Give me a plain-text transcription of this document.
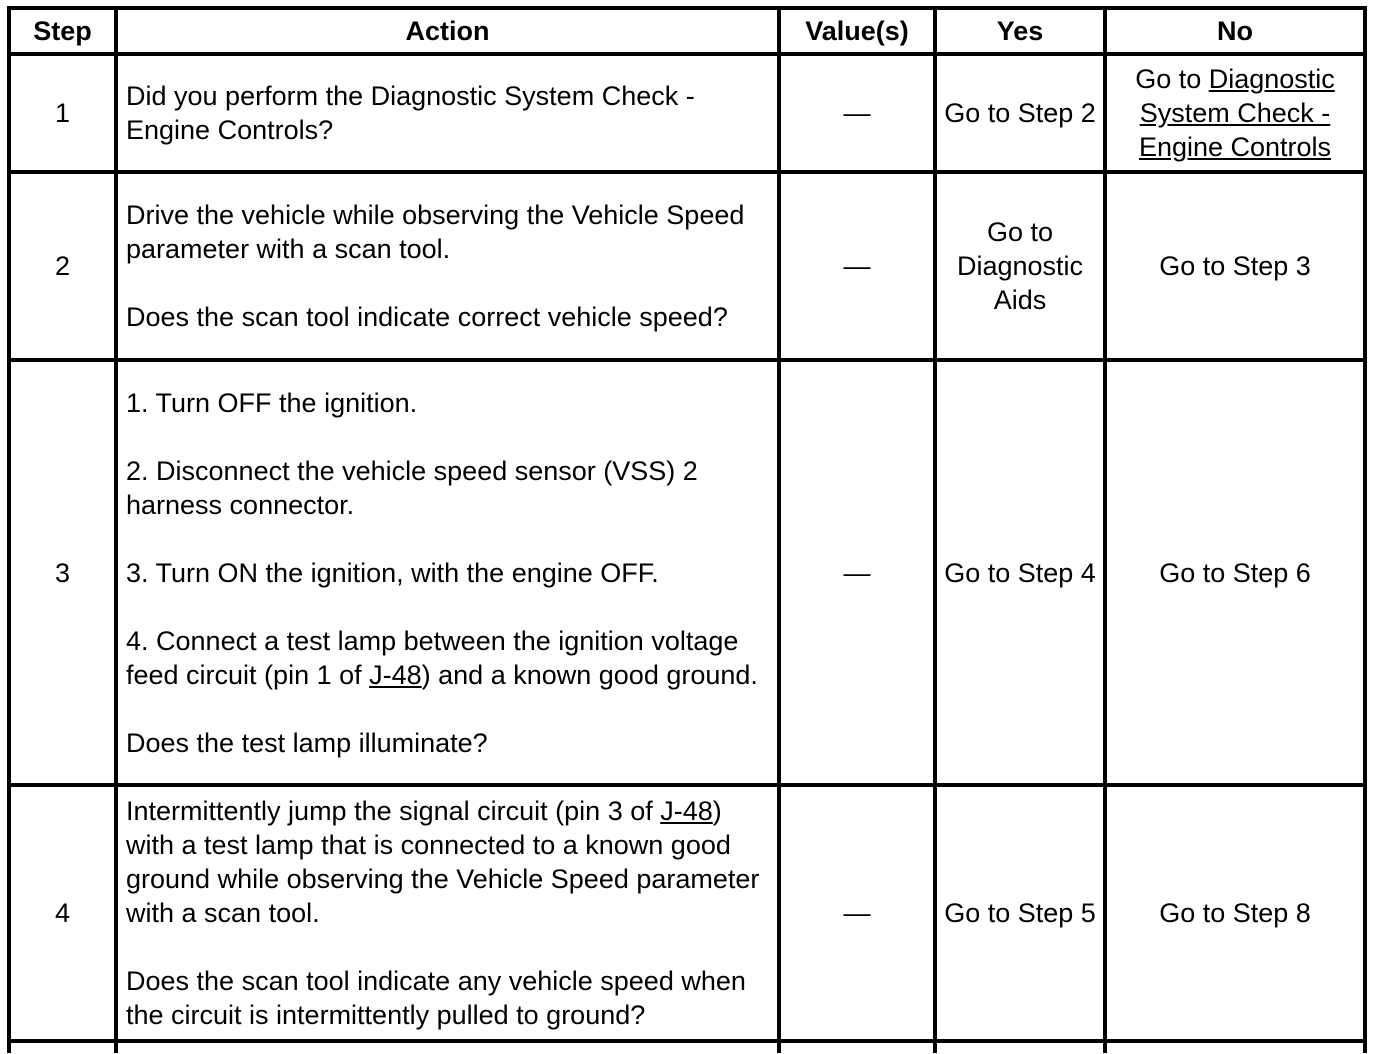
Step	Action	Value(s)	Yes	No
1	Did you perform the Diagnostic System Check - Engine Controls?	—	Go to Step 2	Go to Diagnostic System Check - Engine Controls
2	Drive the vehicle while observing the Vehicle Speed parameter with a scan tool.

Does the scan tool indicate correct vehicle speed?	—	Go to Diagnostic Aids	Go to Step 3
3	1. Turn OFF the ignition.

2. Disconnect the vehicle speed sensor (VSS) 2 harness connector.

3. Turn ON the ignition, with the engine OFF.

4. Connect a test lamp between the ignition voltage feed circuit (pin 1 of J-48) and a known good ground.

Does the test lamp illuminate?	—	Go to Step 4	Go to Step 6
4	Intermittently jump the signal circuit (pin 3 of J-48) with a test lamp that is connected to a known good ground while observing the Vehicle Speed parameter with a scan tool.

Does the scan tool indicate any vehicle speed when the circuit is intermittently pulled to ground?	—	Go to Step 5	Go to Step 8
